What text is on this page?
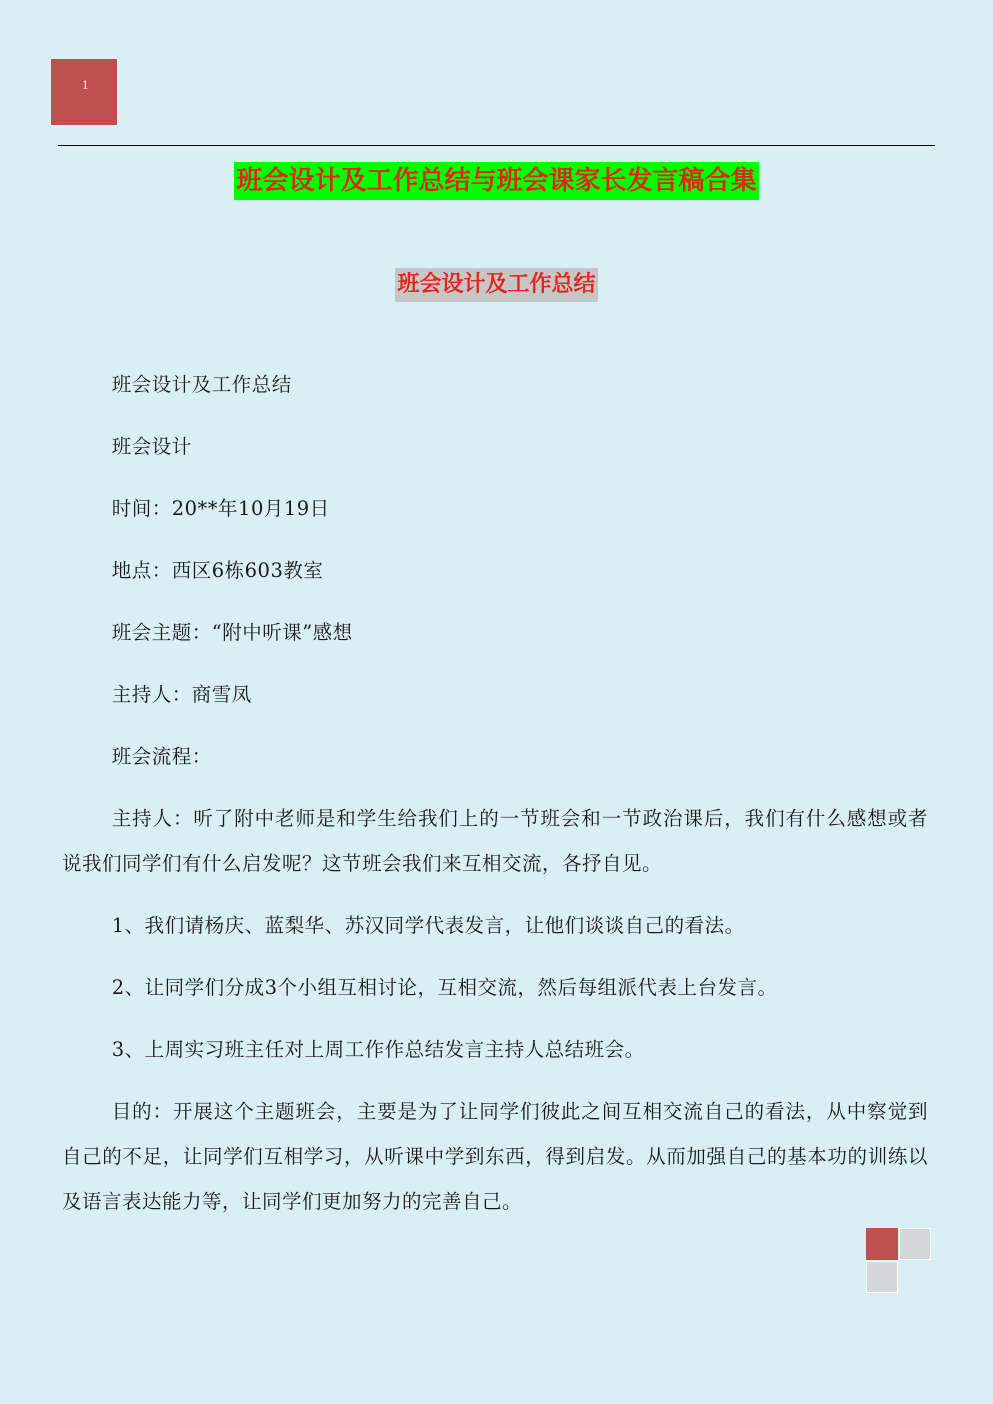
1
班会设计及工作总结与班会课家长发言稿合集
班会设计及工作总结

班会设计及工作总结

班会设计

时间：20**年10月19日

地点：西区6栋603教室

班会主题：“附中听课”感想

主持人：商雪凤

班会流程：

主持人：听了附中老师是和学生给我们上的一节班会和一节政治课后，我们有什么感想或者说我们同学们有什么启发呢？这节班会我们来互相交流，各抒自见。

1、我们请杨庆、蓝梨华、苏汉同学代表发言，让他们谈谈自己的看法。

2、让同学们分成3个小组互相讨论，互相交流，然后每组派代表上台发言。

3、上周实习班主任对上周工作作总结发言主持人总结班会。

目的：开展这个主题班会，主要是为了让同学们彼此之间互相交流自己的看法，从中察觉到自己的不足，让同学们互相学习，从听课中学到东西，得到启发。从而加强自己的基本功的训练以及语言表达能力等，让同学们更加努力的完善自己。
